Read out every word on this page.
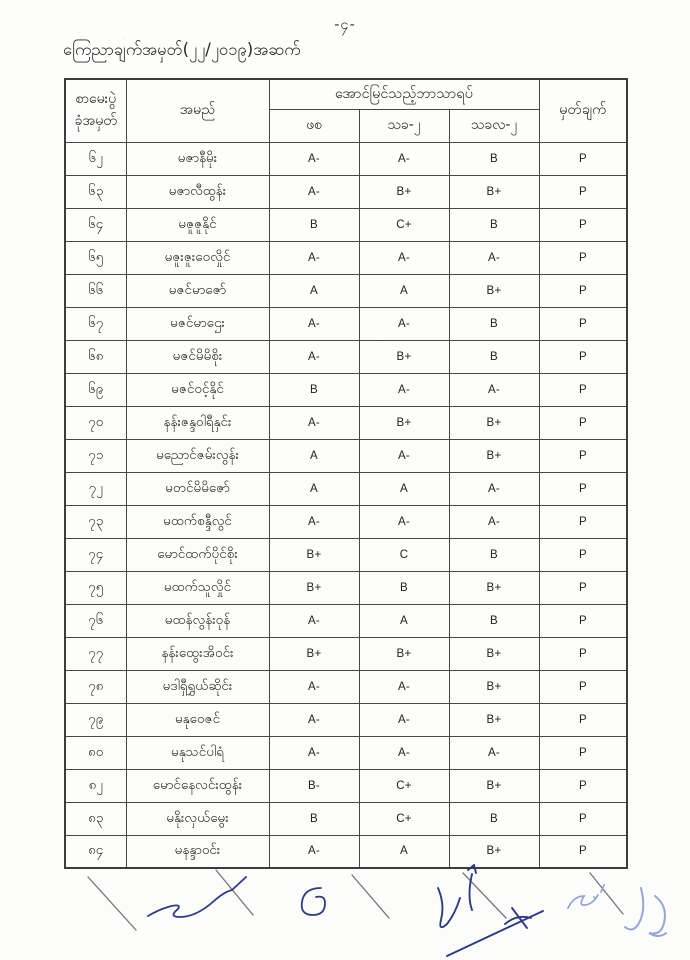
-၄-
ကြေညာချက်အမှတ်(၂၂/၂၀၁၉)အဆက်
စာမေးပွဲ
ခုံအမှတ်	အမည်	အောင်မြင်သည့်ဘာသာရပ်			မှတ်ချက်
		ဖစ	သခ-၂	သခလ-၂	
၆၂	မဇာနီမိုး	A-	A-	B	P
၆၃	မဇာလီထွန်း	A-	B+	B+	P
၆၄	မဇူဇူနိုင်	B	C+	B	P
၆၅	မဇူးဇူးဝေလှိုင်	A-	A-	A-	P
၆၆	မဇင်မာဇော်	A	A	B+	P
၆၇	မဇင်မာဌေး	A-	A-	B	P
၆၈	မဇင်မိမိစိုး	A-	B+	B	P
၆၉	မဇင်ဝင့်နိုင်	B	A-	A-	P
၇၀	နန်းဇန္ဒဝါရီနှင်း	A-	B+	B+	P
၇၁	မညောင်ဇမ်းလွန်း	A	A-	B+	P
၇၂	မတင်မိမိဇော်	A	A	A-	P
၇၃	မထက်စန္ဒီလွင်	A-	A-	A-	P
၇၄	မောင်ထက်ပိုင်စိုး	B+	C	B	P
၇၅	မထက်သူလှိုင်	B+	B	B+	P
၇၆	မထန်လွန်းဝုန်	A-	A	B	P
၇၇	နန်းထွေးအိဝင်း	B+	B+	B+	P
၇၈	မဒါရှီရွှယ်ဆိုင်း	A-	A-	B+	P
၇၉	မနုဝေဇင်	A-	A-	B+	P
၈၀	မနုသင်ပါရံ	A-	A-	A-	P
၈၂	မောင်နေလင်းထွန်း	B-	C+	B+	P
၈၃	မနိုးလှယ်မွေး	B	C+	B	P
၈၄	မနန္ဒာဝင်း	A-	A	B+	P
